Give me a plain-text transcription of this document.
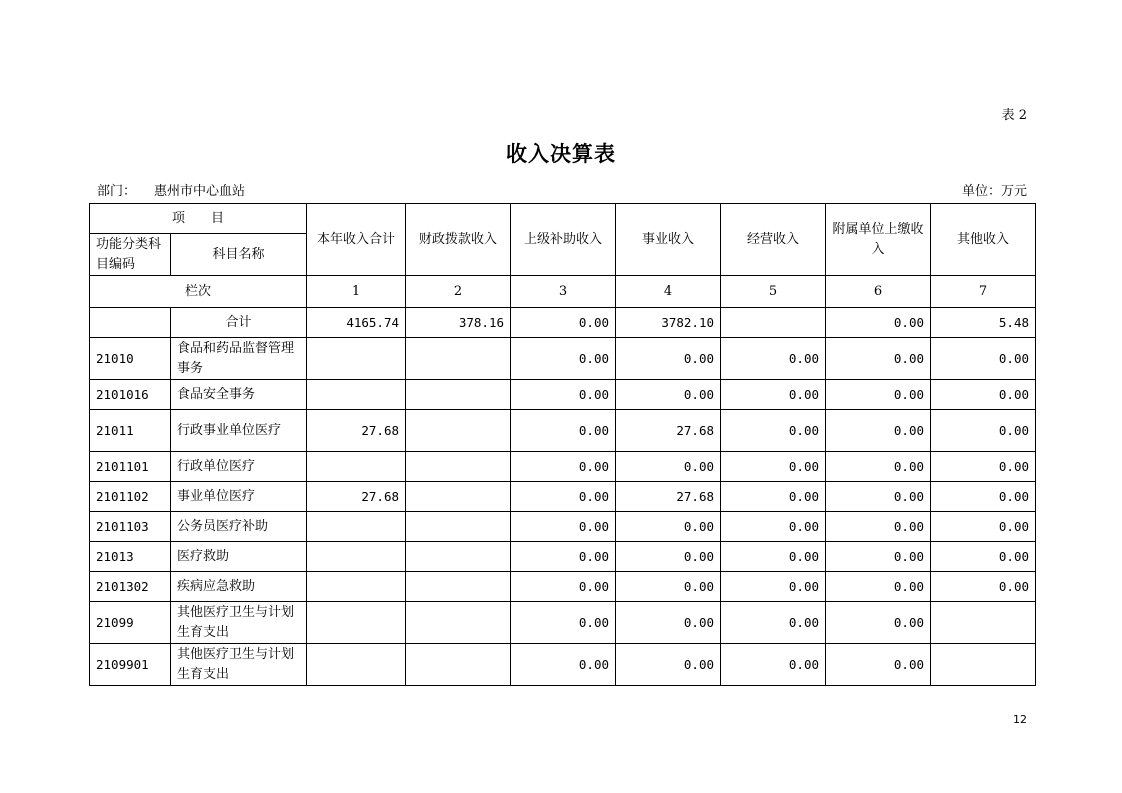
表 2
收入决算表
部门： 惠州市中心血站	单位：万元
项　　目		本年收入合计	财政拨款收入	上级补助收入	事业收入	经营收入	附属单位上缴收入	其他收入
功能分类科目编码	科目名称							
栏次		1	2	3	4	5	6	7
	合计	4165.74	378.16	0.00	3782.10		0.00	5.48
21010	食品和药品监督管理事务			0.00	0.00	0.00	0.00	0.00
2101016	食品安全事务			0.00	0.00	0.00	0.00	0.00
21011	行政事业单位医疗	27.68		0.00	27.68	0.00	0.00	0.00
2101101	行政单位医疗			0.00	0.00	0.00	0.00	0.00
2101102	事业单位医疗	27.68		0.00	27.68	0.00	0.00	0.00
2101103	公务员医疗补助			0.00	0.00	0.00	0.00	0.00
21013	医疗救助			0.00	0.00	0.00	0.00	0.00
2101302	疾病应急救助			0.00	0.00	0.00	0.00	0.00
21099	其他医疗卫生与计划生育支出			0.00	0.00	0.00	0.00	
2109901	其他医疗卫生与计划生育支出			0.00	0.00	0.00	0.00	
12
